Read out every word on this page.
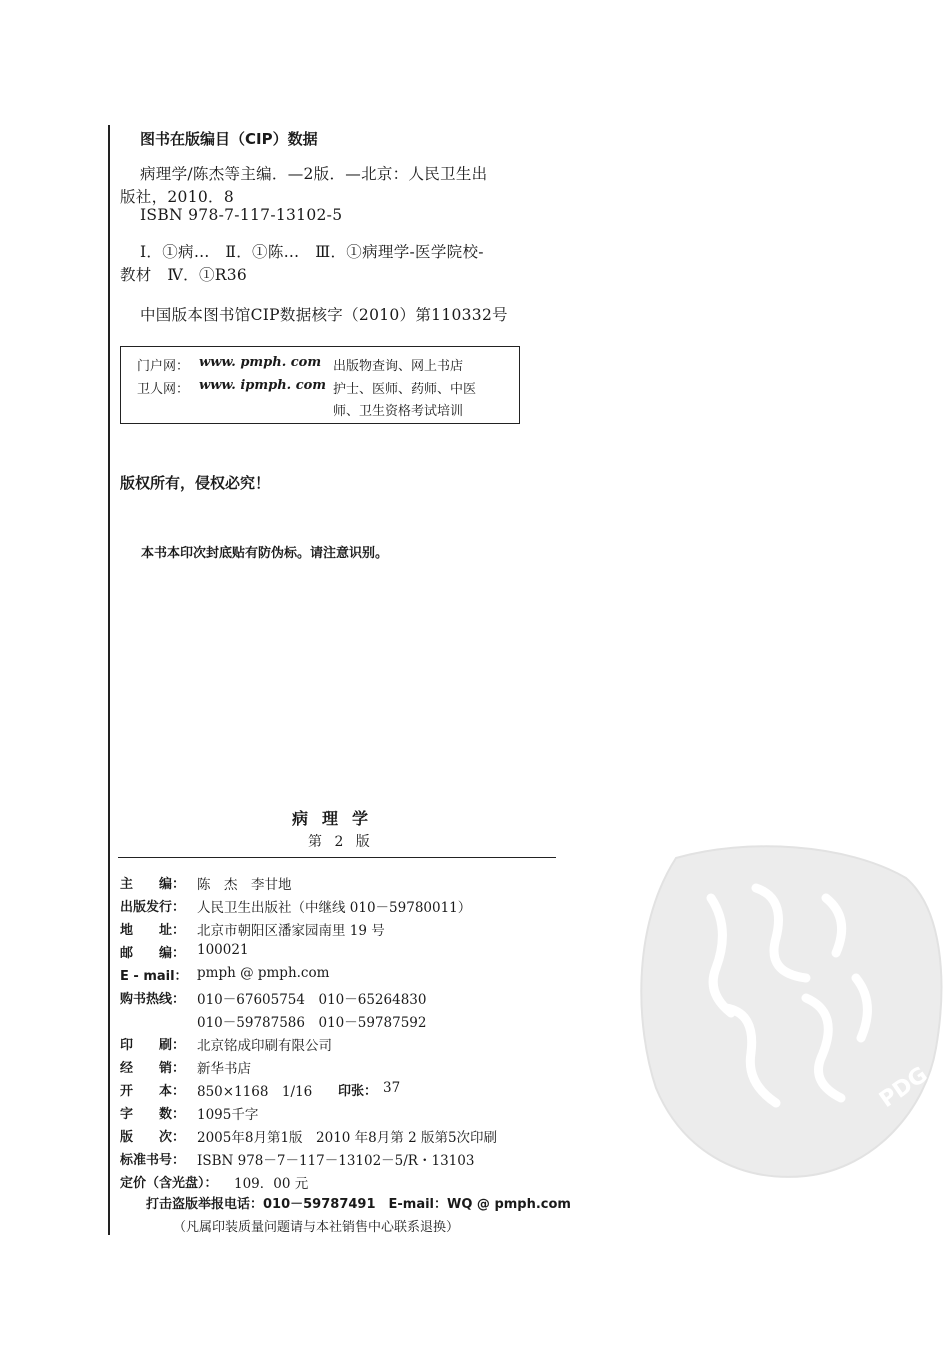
图书在版编目（CIP）数据
病理学/陈杰等主编．—2版．—北京：人民卫生出
版社，2010．8
ISBN 978-7-117-13102-5
Ⅰ．①病…　Ⅱ．①陈…　Ⅲ．①病理学-医学院校-
教材　Ⅳ．①R36
中国版本图书馆CIP数据核字（2010）第110332号
门户网： www. pmph. com 出版物查询、网上书店
卫人网： www. ipmph. com 护士、医师、药师、中医
师、卫生资格考试培训
版权所有，侵权必究！
本书本印次封底贴有防伪标。请注意识别。
病理学
第 2 版
主 编： 陈　杰　李甘地
出版发行： 人民卫生出版社（中继线 010－59780011）
地 址： 北京市朝阳区潘家园南里 19 号
邮 编： 100021
E - mail： pmph @ pmph.com
购书热线： 010－67605754　010－65264830
010－59787586　010－59787592
印 刷： 北京铭成印刷有限公司
经 销： 新华书店
开 本： 850×1168　1/16 印张： 37
字 数： 1095千字
版 次： 2005年8月第1版　2010 年8月第 2 版第5次印刷
标准书号： ISBN 978－7－117－13102－5/R・13103
定价（含光盘）： 109．00 元
打击盗版举报电话：010－59787491　E-mail：WQ @ pmph.com
（凡属印装质量问题请与本社销售中心联系退换）
PDG
